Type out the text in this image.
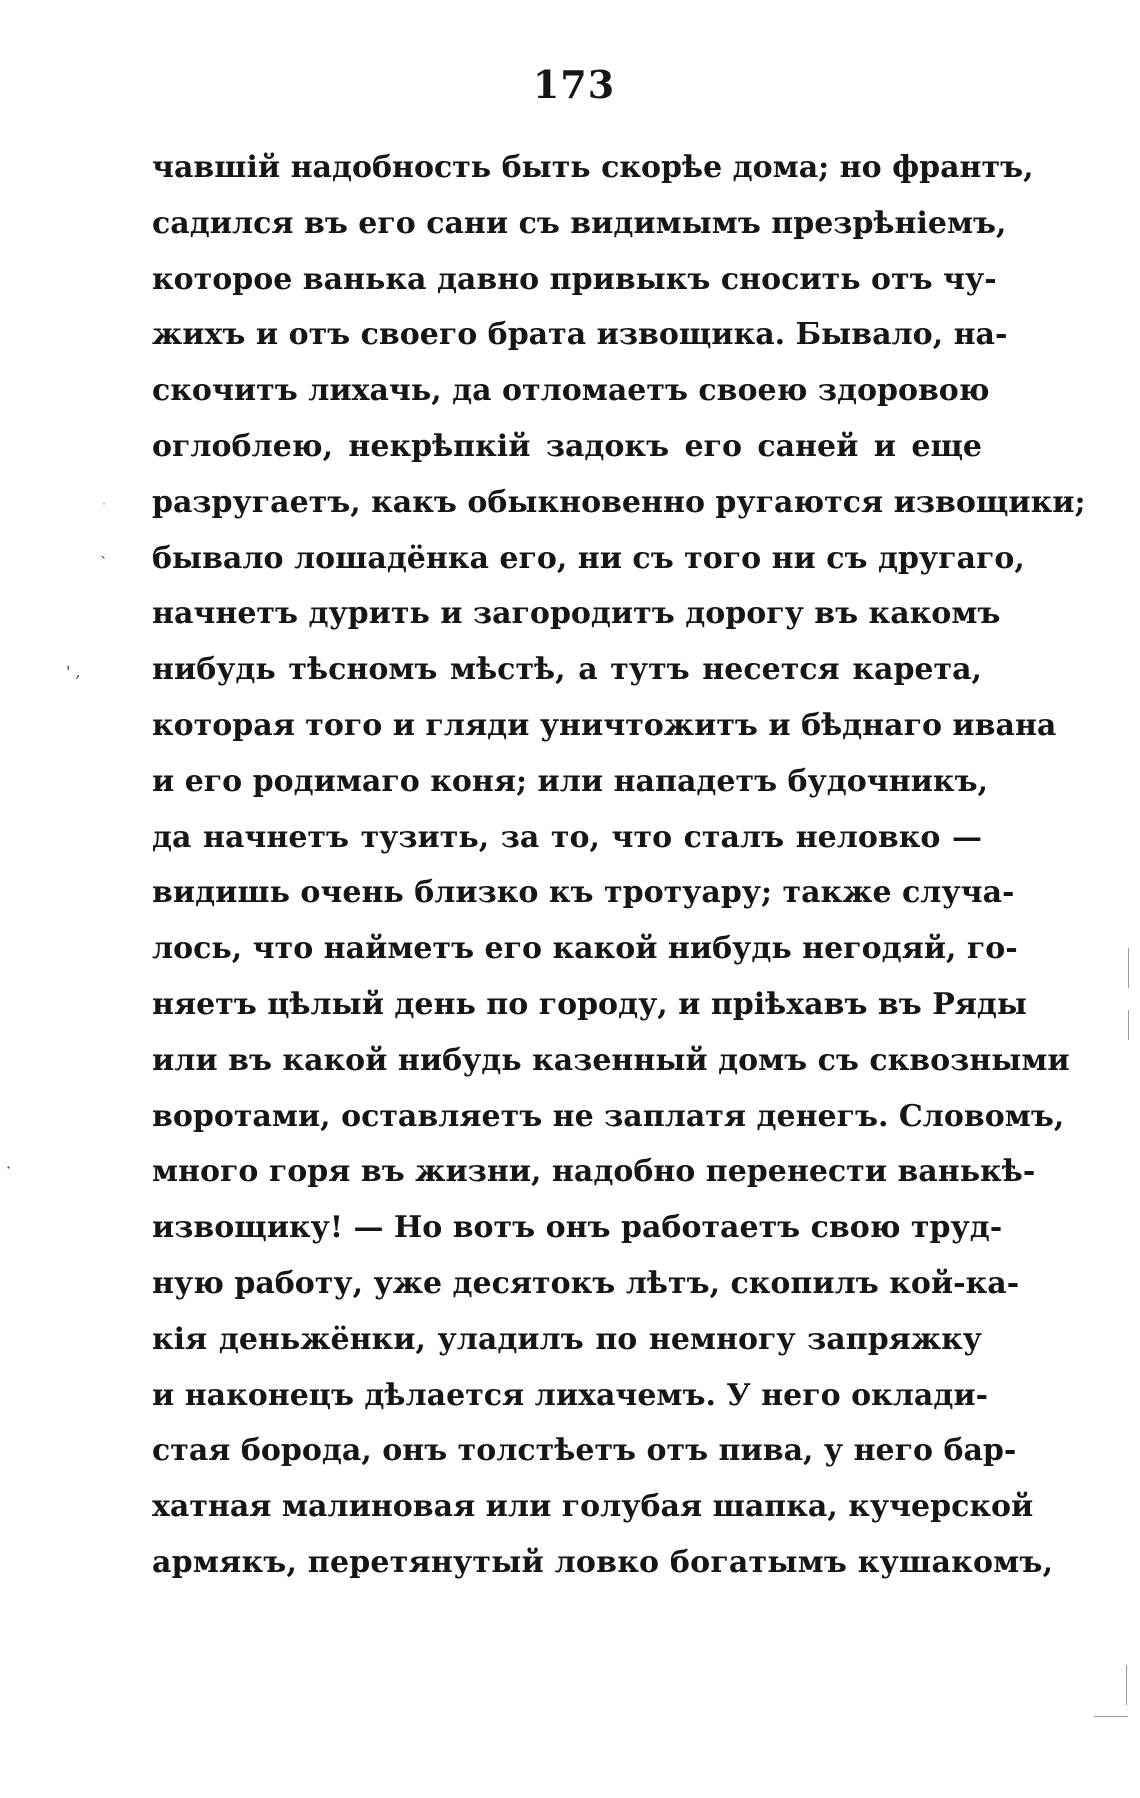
173
чавшій надобность быть скорѣе дома; но франтъ,
садился въ его сани съ видимымъ презрѣніемъ,
которое ванька давно привыкъ сносить отъ чу-
жихъ и отъ своего брата извощика. Бывало, на-
скочитъ лихачь, да отломаетъ своею здоровою
оглоблею, некрѣпкій задокъ его саней и еще
разругаетъ, какъ обыкновенно ругаются извощики;
бывало лошадёнка его, ни съ того ни съ другаго,
начнетъ дурить и загородитъ дорогу въ какомъ
нибудь тѣсномъ мѣстѣ, а тутъ несется карета,
которая того и гляди уничтожитъ и бѣднаго ивана
и его родимаго коня; или нападетъ будочникъ,
да начнетъ тузить, за то, что сталъ неловко —
видишь очень близко къ тротуару; также случа-
лось, что найметъ его какой нибудь негодяй, го-
няетъ цѣлый день по городу, и пріѣхавъ въ Ряды
или въ какой нибудь казенный домъ съ сквозными
воротами, оставляетъ не заплатя денегъ. Словомъ,
много горя въ жизни, надобно перенести ванькѣ-
извощику! — Но вотъ онъ работаетъ свою труд-
ную работу, уже десятокъ лѣтъ, скопилъ кой-ка-
кія деньжёнки, уладилъ по немногу запряжку
и наконецъ дѣлается лихачемъ. У него оклади-
стая борода, онъ толстѣетъ отъ пива, у него бар-
хатная малиновая или голубая шапка, кучерской
армякъ, перетянутый ловко богатымъ кушакомъ,
`
' ,
·
